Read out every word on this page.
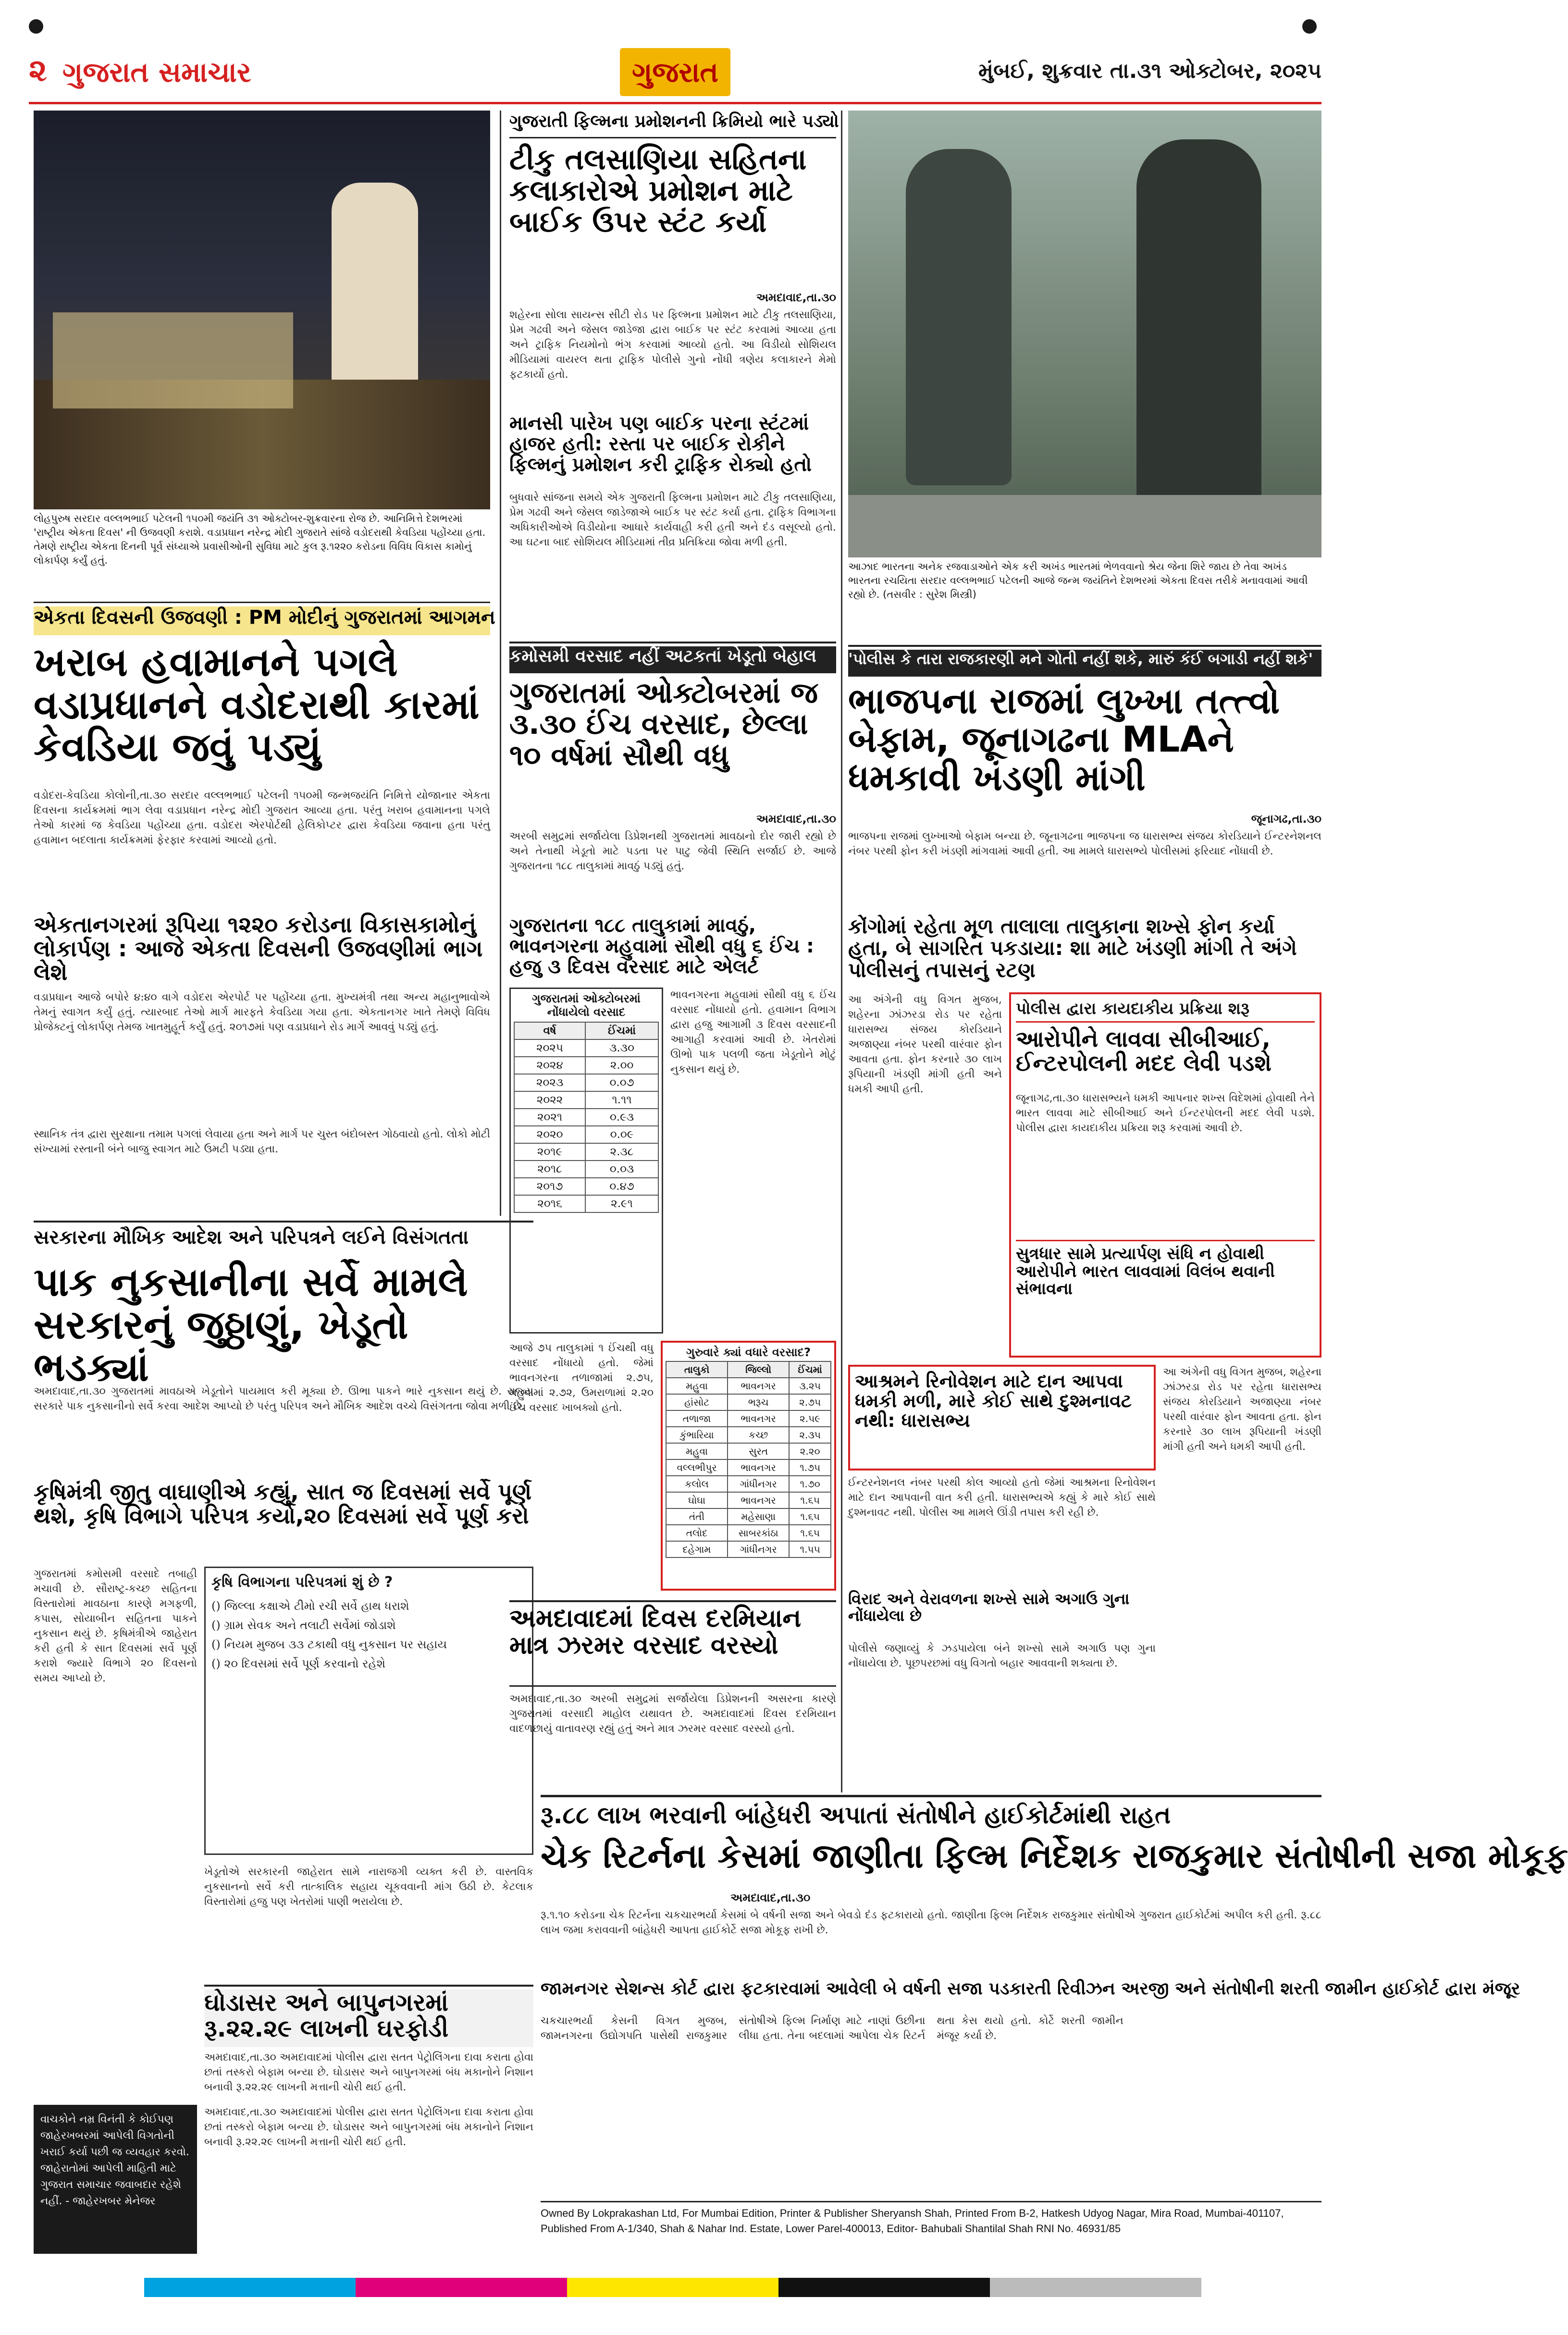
૨ ગુજરાત સમાચાર	ગુજરાત	મુંબઈ, શુક્રવાર તા.૩૧ ઓક્ટોબર, ૨૦૨૫
લોહપુરુષ સરદાર વલ્લભભાઈ પટેલની ૧૫૦મી જયંતિ ૩૧ ઓક્ટોબર-શુક્રવારના રોજ છે. આનિમિત્તે દેશભરમાં 'રાષ્ટ્રીય એકતા દિવસ' ની ઉજવણી કરાશે. વડાપ્રધાન નરેન્દ્ર મોદી ગુજરાતે સાંજે વડોદરાથી કેવડિયા પહોંચ્યા હતા. તેમણે રાષ્ટ્રીય એકતા દિનની પૂર્વ સંધ્યાએ પ્રવાસીઓની સુવિધા માટે કુલ રૂ.૧૨૨૦ કરોડના વિવિધ વિકાસ કામોનું લોકાર્પણ કર્યું હતું.
એકતા દિવસની ઉજવણી : PM મોદીનું ગુજરાતમાં આગમન
ખરાબ હવામાનને પગલે વડાપ્રધાનને વડોદરાથી કારમાં કેવડિયા જવું પડ્યું
વડોદરા-કેવડિયા કોલોની,તા.૩૦ સરદાર વલ્લભભાઈ પટેલની ૧૫૦મી જન્મજયંતિ નિમિત્તે યોજાનાર એકતા દિવસના કાર્યક્રમમાં ભાગ લેવા વડાપ્રધાન નરેન્દ્ર મોદી ગુજરાત આવ્યા હતા. પરંતુ ખરાબ હવામાનના પગલે તેઓ કારમાં જ કેવડિયા પહોંચ્યા હતા. વડોદરા એરપોર્ટથી હેલિકોપ્ટર દ્વારા કેવડિયા જવાના હતા પરંતુ હવામાન બદલાતા કાર્યક્રમમાં ફેરફાર કરવામાં આવ્યો હતો.
એકતાનગરમાં રૂપિયા ૧૨૨૦ કરોડના વિકાસકામોનું લોકાર્પણ : આજે એકતા દિવસની ઉજવણીમાં ભાગ લેશે
વડાપ્રધાન આજે બપોરે ૪:૪૦ વાગે વડોદરા એરપોર્ટ પર પહોંચ્યા હતા. મુખ્યમંત્રી તથા અન્ય મહાનુભાવોએ તેમનું સ્વાગત કર્યું હતું. ત્યારબાદ તેઓ માર્ગ મારફતે કેવડિયા ગયા હતા. એકતાનગર ખાતે તેમણે વિવિધ પ્રોજેક્ટનું લોકાર્પણ તેમજ ખાતમુહૂર્ત કર્યું હતું. ૨૦૧૭માં પણ વડાપ્રધાને રોડ માર્ગે આવવું પડ્યું હતું.
સ્થાનિક તંત્ર દ્વારા સુરક્ષાના તમામ પગલાં લેવાયા હતા અને માર્ગ પર ચુસ્ત બંદોબસ્ત ગોઠવાયો હતો. લોકો મોટી સંખ્યામાં રસ્તાની બંને બાજુ સ્વાગત માટે ઉમટી પડ્યા હતા.
સરકારના મૌખિક આદેશ અને પરિપત્રને લઈને વિસંગતતા
પાક નુકસાનીના સર્વે મામલે સરકારનું જુઠ્ઠાણું, ખેડૂતો ભડક્યાં
અમદાવાદ,તા.૩૦ ગુજરાતમાં માવઠાએ ખેડૂતોને પાયમાલ કરી મૂક્યા છે. ઊભા પાકને ભારે નુકસાન થયું છે. રાજ્ય સરકારે પાક નુકસાનીનો સર્વે કરવા આદેશ આપ્યો છે પરંતુ પરિપત્ર અને મૌખિક આદેશ વચ્ચે વિસંગતતા જોવા મળી છે.
કૃષિમંત્રી જીતુ વાઘાણીએ કહ્યું, સાત જ દિવસમાં સર્વે પૂર્ણ થશે, કૃષિ વિભાગે પરિપત્ર કર્યો,૨૦ દિવસમાં સર્વે પૂર્ણ કરો
ગુજરાતમાં કમોસમી વરસાદે તબાહી મચાવી છે. સૌરાષ્ટ્ર-કચ્છ સહિતના વિસ્તારોમાં માવઠાના કારણે મગફળી, કપાસ, સોયાબીન સહિતના પાકને નુકસાન થયું છે. કૃષિમંત્રીએ જાહેરાત કરી હતી કે સાત દિવસમાં સર્વે પૂર્ણ કરાશે જ્યારે વિભાગે ૨૦ દિવસનો સમય આપ્યો છે.
કૃષિ વિભાગના પરિપત્રમાં શું છે ?
() જિલ્લા કક્ષાએ ટીમો રચી સર્વે હાથ ધરાશે
() ગ્રામ સેવક અને તલાટી સર્વેમાં જોડાશે
() નિયમ મુજબ ૩૩ ટકાથી વધુ નુકસાન પર સહાય
() ૨૦ દિવસમાં સર્વે પૂર્ણ કરવાનો રહેશે
ખેડૂતોએ સરકારની જાહેરાત સામે નારાજગી વ્યક્ત કરી છે. વાસ્તવિક નુકસાનનો સર્વે કરી તાત્કાલિક સહાય ચૂકવવાની માંગ ઉઠી છે. કેટલાક વિસ્તારોમાં હજુ પણ ખેતરોમાં પાણી ભરાયેલા છે.
ઘોડાસર અને બાપુનગરમાં રૂ.૨૨.૨૯ લાખની ઘરફોડી
અમદાવાદ,તા.૩૦ અમદાવાદમાં પોલીસ દ્વારા સતત પેટ્રોલિંગના દાવા કરાતા હોવા છતાં તસ્કરો બેફામ બન્યા છે. ઘોડાસર અને બાપુનગરમાં બંધ મકાનોને નિશાન બનાવી રૂ.૨૨.૨૯ લાખની મત્તાની ચોરી થઈ હતી.
વાચકોને નમ્ર વિનંતી કે કોઈપણ જાહેરખબરમાં આપેલી વિગતોની ખરાઈ કર્યા પછી જ વ્યવહાર કરવો. જાહેરાતોમાં આપેલી માહિતી માટે ગુજરાત સમાચાર જવાબદાર રહેશે નહીં. - જાહેરખબર મેનેજર
અમદાવાદ,તા.૩૦ અમદાવાદમાં પોલીસ દ્વારા સતત પેટ્રોલિંગના દાવા કરાતા હોવા છતાં તસ્કરો બેફામ બન્યા છે. ઘોડાસર અને બાપુનગરમાં બંધ મકાનોને નિશાન બનાવી રૂ.૨૨.૨૯ લાખની મત્તાની ચોરી થઈ હતી.
ગુજરાતી ફિલ્મના પ્રમોશનની ક્રિમિયો ભારે પડ્યો
ટીકુ તલસાણિયા સહિતના કલાકારોએ પ્રમોશન માટે બાઈક ઉપર સ્ટંટ કર્યા
અમદાવાદ,તા.૩૦
શહેરના સોલા સાયન્સ સીટી રોડ પર ફિલ્મના પ્રમોશન માટે ટીકુ તલસાણિયા, પ્રેમ ગઢવી અને જેસલ જાડેજા દ્વારા બાઈક પર સ્ટંટ કરવામાં આવ્યા હતા અને ટ્રાફિક નિયમોનો ભંગ કરવામાં આવ્યો હતો. આ વિડીયો સોશિયલ મીડિયામાં વાયરલ થતા ટ્રાફિક પોલીસે ગુનો નોંધી ત્રણેય કલાકારને મેમો ફટકાર્યો હતો.
માનસી પારેખ પણ બાઈક પરના સ્ટંટમાં હાજર હતી: રસ્તા પર બાઈક રોકીને ફિલ્મનું પ્રમોશન કરી ટ્રાફિક રોક્યો હતો
બુધવારે સાંજના સમયે એક ગુજરાતી ફિલ્મના પ્રમોશન માટે ટીકુ તલસાણિયા, પ્રેમ ગઢવી અને જેસલ જાડેજાએ બાઈક પર સ્ટંટ કર્યા હતા. ટ્રાફિક વિભાગના અધિકારીઓએ વિડીયોના આધારે કાર્યવાહી કરી હતી અને દંડ વસૂલ્યો હતો. આ ઘટના બાદ સોશિયલ મીડિયામાં તીવ્ર પ્રતિક્રિયા જોવા મળી હતી.
કમોસમી વરસાદ નહીં અટકતાં ખેડૂતો બેહાલ
ગુજરાતમાં ઓક્ટોબરમાં જ ૩.૩૦ ઈંચ વરસાદ, છેલ્લા ૧૦ વર્ષમાં સૌથી વધુ
અમદાવાદ,તા.૩૦
અરબી સમુદ્રમાં સર્જાયેલા ડિપ્રેશનથી ગુજરાતમાં માવઠાનો દોર જારી રહ્યો છે અને તેનાથી ખેડૂતો માટે પડતા પર પાટુ જેવી સ્થિતિ સર્જાઈ છે. આજે ગુજરાતના ૧૮૮ તાલુકામાં માવઠું પડ્યું હતું.
ગુજરાતના ૧૮૮ તાલુકામાં માવઠું, ભાવનગરના મહુવામાં સૌથી વધુ ૬ ઈંચ : હજુ ૩ દિવસ વરસાદ માટે એલર્ટ
ગુજરાતમાં ઓક્ટોબરમાં નોંધાયેલો વરસાદ
વર્ષ	ઈંચમાં
૨૦૨૫	૩.૩૦
૨૦૨૪	૨.૦૦
૨૦૨૩	૦.૦૭
૨૦૨૨	૧.૧૧
૨૦૨૧	૦.૯૩
૨૦૨૦	૦.૦૯
૨૦૧૯	૨.૩૮
૨૦૧૮	૦.૦૩
૨૦૧૭	૦.૪૭
૨૦૧૬	૨.૯૧
ભાવનગરના મહુવામાં સૌથી વધુ ૬ ઈંચ વરસાદ નોંધાયો હતો. હવામાન વિભાગ દ્વારા હજુ આગામી ૩ દિવસ વરસાદની આગાહી કરવામાં આવી છે. ખેતરોમાં ઊભો પાક પલળી જતા ખેડૂતોને મોટું નુકસાન થયું છે.
આજે ૭૫ તાલુકામાં ૧ ઈંચથી વધુ વરસાદ નોંધાયો હતો. જેમાં ભાવનગરના તળાજામાં ૨.૭૫, મહુવામાં ૨.૭૨, ઉમરાળામાં ૨.૨૦ ઈંચ વરસાદ ખાબક્યો હતો.
ગુરુવારે ક્યાં વધારે વરસાદ?
તાલુકો	જિલ્લો	ઈંચમાં
મહુવા	ભાવનગર	૩.૨૫
હાંસોટ	ભરૂચ	૨.૭૫
તળાજા	ભાવનગર	૨.૫૯
કુંભારિયા	કચ્છ	૨.૩૫
મહુવા	સુરત	૨.૨૦
વલ્લભીપુર	ભાવનગર	૧.૭૫
કલોલ	ગાંધીનગર	૧.૭૦
ઘોઘા	ભાવનગર	૧.૬૫
તંતી	મહેસાણા	૧.૬૫
તલોદ	સાબરકાંઠા	૧.૬૫
દહેગામ	ગાંધીનગર	૧.૫૫
અમદાવાદમાં દિવસ દરમિયાન માત્ર ઝરમર વરસાદ વરસ્યો
અમદાવાદ,તા.૩૦ અરબી સમુદ્રમાં સર્જાયેલા ડિપ્રેશનની અસરના કારણે ગુજરાતમાં વરસાદી માહોલ યથાવત છે. અમદાવાદમાં દિવસ દરમિયાન વાદળછાયું વાતાવરણ રહ્યું હતું અને માત્ર ઝરમર વરસાદ વરસ્યો હતો.
આઝાદ ભારતના અનેક રજવાડાઓને એક કરી અખંડ ભારતમાં ભેળવવાનો શ્રેય જેના શિરે જાય છે તેવા અખંડ ભારતના રચયિતા સરદાર વલ્લભભાઈ પટેલની આજે જન્મ જયંતિને દેશભરમાં એકતા દિવસ તરીકે મનાવવામાં આવી રહ્યો છે. (તસવીર : સુરેશ મિસ્ત્રી)
'પોલીસ કે તારા રાજકારણી મને ગોતી નહીં શકે, મારું કંઈ બગાડી નહીં શકે'
ભાજપના રાજમાં લુખ્ખા તત્ત્વો બેફામ, જૂનાગઢના MLAને ધમકાવી ખંડણી માંગી
જૂનાગઢ,તા.૩૦
ભાજપના રાજમાં લુખ્ખાઓ બેફામ બન્યા છે. જૂનાગઢના ભાજપના જ ધારાસભ્ય સંજય કોરડિયાને ઈન્ટરનેશનલ નંબર પરથી ફોન કરી ખંડણી માંગવામાં આવી હતી. આ મામલે ધારાસભ્યે પોલીસમાં ફરિયાદ નોંધાવી છે.
કોંગોમાં રહેતા મૂળ તાલાલા તાલુકાના શખ્સે ફોન કર્યા હતા, બે સાગરિત પકડાયા: શા માટે ખંડણી માંગી તે અંગે પોલીસનું તપાસનું રટણ
આ અંગેની વધુ વિગત મુજબ, શહેરના ઝાંઝરડા રોડ પર રહેતા ધારાસભ્ય સંજય કોરડિયાને અજાણ્યા નંબર પરથી વારંવાર ફોન આવતા હતા. ફોન કરનારે ૩૦ લાખ રૂપિયાની ખંડણી માંગી હતી અને ધમકી આપી હતી.
પોલીસ દ્વારા કાયદાકીય પ્રક્રિયા શરૂ
આરોપીને લાવવા સીબીઆઈ, ઈન્ટરપોલની મદદ લેવી પડશે
જૂનાગઢ,તા.૩૦ ધારાસભ્યને ધમકી આપનાર શખ્સ વિદેશમાં હોવાથી તેને ભારત લાવવા માટે સીબીઆઈ અને ઈન્ટરપોલની મદદ લેવી પડશે. પોલીસ દ્વારા કાયદાકીય પ્રક્રિયા શરૂ કરવામાં આવી છે.
સુત્રધાર સામે પ્રત્યાર્પણ સંધિ ન હોવાથી આરોપીને ભારત લાવવામાં વિલંબ થવાની સંભાવના
આશ્રમને રિનોવેશન માટે દાન આપવા ધમકી મળી, મારે કોઈ સાથે દુશ્મનાવટ નથી: ધારાસભ્ય
ઈન્ટરનેશનલ નંબર પરથી કોલ આવ્યો હતો જેમાં આશ્રમના રિનોવેશન માટે દાન આપવાની વાત કરી હતી. ધારાસભ્યએ કહ્યું કે મારે કોઈ સાથે દુશ્મનાવટ નથી. પોલીસ આ મામલે ઊંડી તપાસ કરી રહી છે.
વિરાદ અને વેરાવળના શખ્સે સામે અગાઉ ગુના નોંધાયેલા છે
પોલીસે જણાવ્યું કે ઝડપાયેલા બંને શખ્સો સામે અગાઉ પણ ગુના નોંધાયેલા છે. પૂછપરછમાં વધુ વિગતો બહાર આવવાની શક્યતા છે.
આ અંગેની વધુ વિગત મુજબ, શહેરના ઝાંઝરડા રોડ પર રહેતા ધારાસભ્ય સંજય કોરડિયાને અજાણ્યા નંબર પરથી વારંવાર ફોન આવતા હતા. ફોન કરનારે ૩૦ લાખ રૂપિયાની ખંડણી માંગી હતી અને ધમકી આપી હતી.
રૂ.૮૮ લાખ ભરવાની બાંહેધરી અપાતાં સંતોષીને હાઈકોર્ટમાંથી રાહત
ચેક રિટર્નના કેસમાં જાણીતા ફિલ્મ નિર્દેશક રાજકુમાર સંતોષીની સજા મોકૂફ
અમદાવાદ,તા.૩૦
રૂ.૧.૧૦ કરોડના ચેક રિટર્નના ચકચારભર્યા કેસમાં બે વર્ષની સજા અને બેવડો દંડ ફટકારાયો હતો. જાણીતા ફિલ્મ નિર્દેશક રાજકુમાર સંતોષીએ ગુજરાત હાઈકોર્ટમાં અપીલ કરી હતી. રૂ.૮૮ લાખ જમા કરાવવાની બાંહેધરી આપતા હાઈકોર્ટે સજા મોકૂફ રાખી છે.
જામનગર સેશન્સ કોર્ટ દ્વારા ફટકારવામાં આવેલી બે વર્ષની સજા પડકારતી રિવીઝન અરજી અને સંતોષીની શરતી જામીન હાઈકોર્ટ દ્વારા મંજૂર
ચકચારભર્યા કેસની વિગત મુજબ, જામનગરના ઉદ્યોગપતિ પાસેથી રાજકુમાર સંતોષીએ ફિલ્મ નિર્માણ માટે નાણાં ઉછીના લીધા હતા. તેના બદલામાં આપેલા ચેક રિટર્ન થતા કેસ થયો હતો. કોર્ટે શરતી જામીન મંજૂર કર્યા છે.
Owned By Lokprakashan Ltd, For Mumbai Edition, Printer & Publisher Sheryansh Shah, Printed From B-2, Hatkesh Udyog Nagar, Mira Road, Mumbai-401107, Published From A-1/340, Shah & Nahar Ind. Estate, Lower Parel-400013, Editor- Bahubali Shantilal Shah RNI No. 46931/85
